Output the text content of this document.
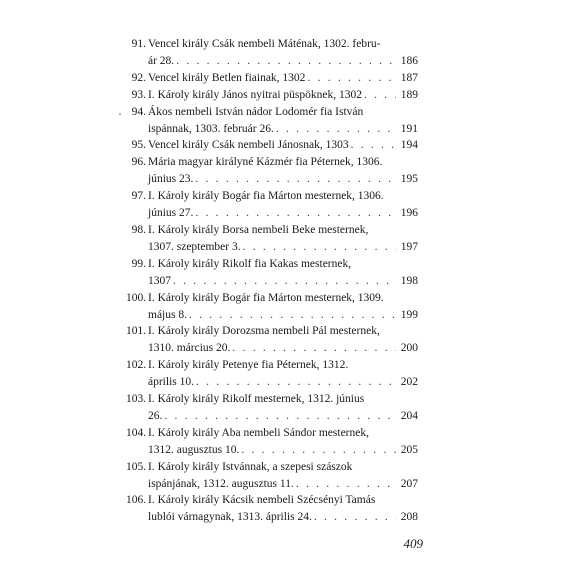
91. Vencel király Csák nembeli Máténak, 1302. febru-
ár 28. . . .	186
92. Vencel király Betlen fiainak, 1302 . . .	187
93. I. Károly király János nyitrai püspöknek, 1302 . . .	189
94. Ákos nembeli István nádor Lodomér fia István
ispánnak, 1303. február 26. . . .	191
95. Vencel király Csák nembeli Jánosnak, 1303 . . .	194
96. Mária magyar királyné Kázmér fia Péternek, 1306.
június 23. . . .	195
97. I. Károly király Bogár fia Márton mesternek, 1306.
június 27. . . .	196
98. I. Károly király Borsa nembeli Beke mesternek,
1307. szeptember 3. . . .	197
99. I. Károly király Rikolf fia Kakas mesternek,
1307 . . .	198
100. I. Károly király Bogár fia Márton mesternek, 1309.
május 8. . . .	199
101. I. Károly király Dorozsma nembeli Pál mesternek,
1310. március 20. . . .	200
102. I. Károly király Petenye fia Péternek, 1312.
április 10. . . .	202
103. I. Károly király Rikolf mesternek, 1312. június
26. . . .	204
104. I. Károly király Aba nembeli Sándor mesternek,
1312. augusztus 10. . . .	205
105. I. Károly király Istvánnak, a szepesi szászok
ispánjának, 1312. augusztus 11. . . .	207
106. I. Károly király Kácsik nembeli Szécsényi Tamás
lublói várnagynak, 1313. április 24. . . .	208
409
